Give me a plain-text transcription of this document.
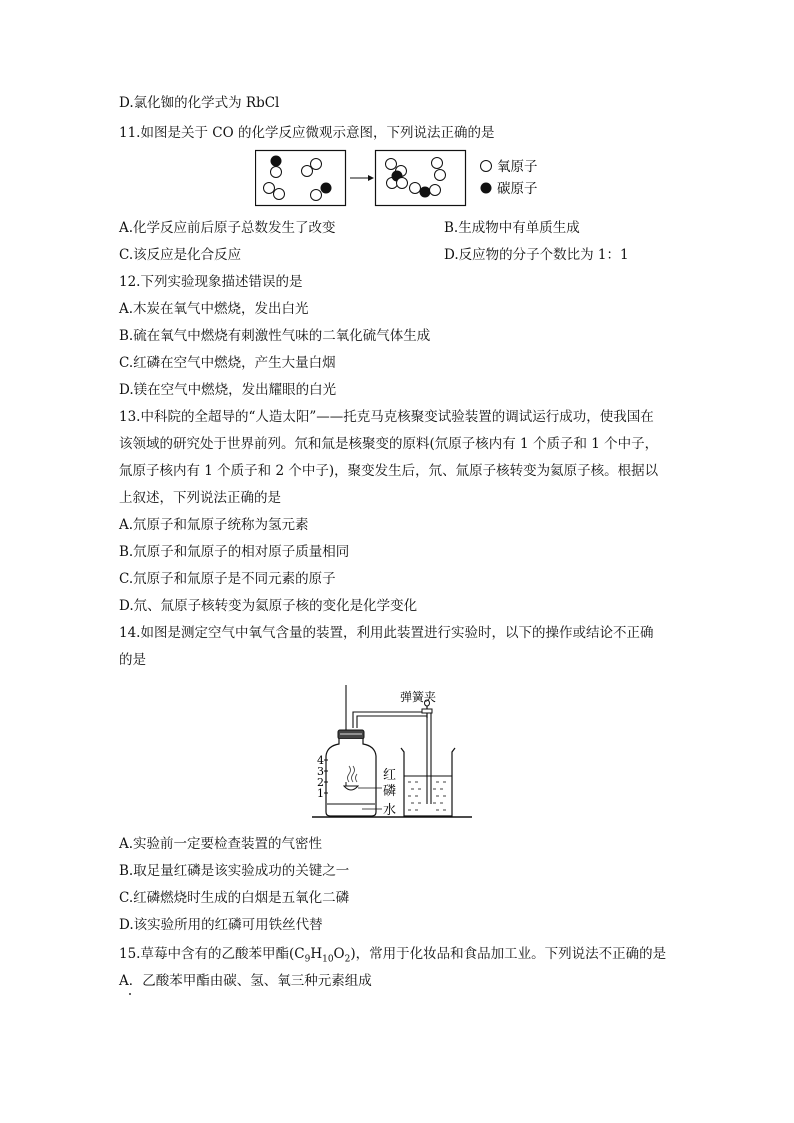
D.氯化铷的化学式为 RbCl
11.如图是关于 CO 的化学反应微观示意图，下列说法正确的是
氧原子
碳原子
A.化学反应前后原子总数发生了改变	B.生成物中有单质生成
C.该反应是化合反应	D.反应物的分子个数比为 1：1
12.下列实验现象描述错误的是
A.木炭在氧气中燃烧，发出白光
B.硫在氧气中燃烧有刺激性气味的二氧化硫气体生成
C.红磷在空气中燃烧，产生大量白烟
D.镁在空气中燃烧，发出耀眼的白光
13.中科院的全超导的“人造太阳”——托克马克核聚变试验装置的调试运行成功，使我国在
该领域的研究处于世界前列。氘和氚是核聚变的原料(氘原子核内有 1 个质子和 1 个中子，
氚原子核内有 1 个质子和 2 个中子)，聚变发生后，氘、氚原子核转变为氦原子核。根据以
上叙述，下列说法正确的是
A.氘原子和氚原子统称为氢元素
B.氘原子和氚原子的相对原子质量相同
C.氘原子和氚原子是不同元素的原子
D.氘、氚原子核转变为氦原子核的变化是化学变化
14.如图是测定空气中氧气含量的装置，利用此装置进行实验时，以下的操作或结论不正确
的是
弹簧夹
4
3
2
1
红
磷
水
A.实验前一定要检查装置的气密性
B.取足量红磷是该实验成功的关键之一
C.红磷燃烧时生成的白烟是五氧化二磷
D.该实验所用的红磷可用铁丝代替
15.草莓中含有的乙酸苯甲酯$(C_9H_{10}O_2)$，常用于化妆品和食品加工业。下列说法不正确的是
A．乙酸苯甲酯由碳、氢、氧三种元素组成
